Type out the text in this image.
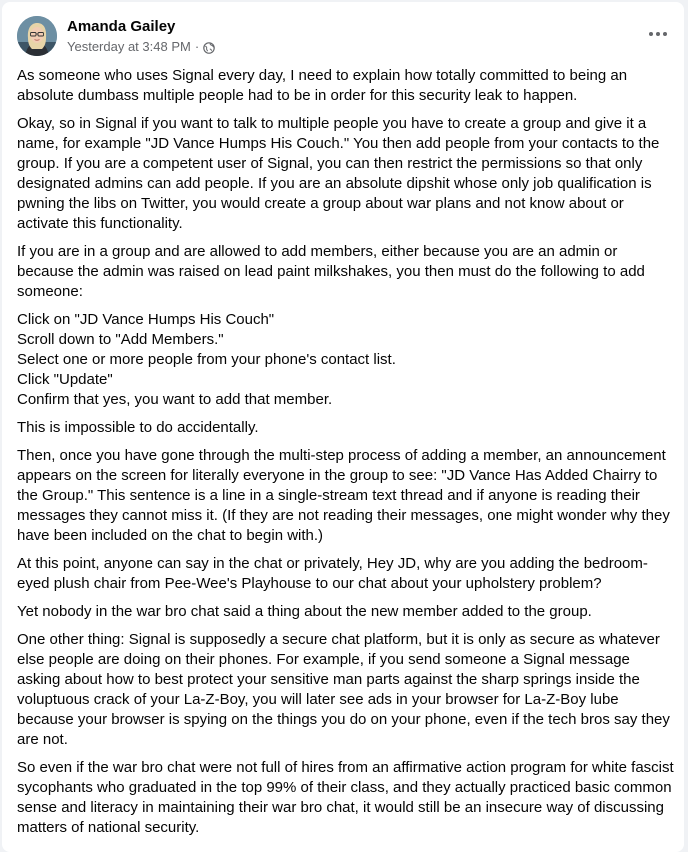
Amanda Gailey
Yesterday at 3:48 PM ·

As someone who uses Signal every day, I need to explain how totally committed to being an absolute dumbass multiple people had to be in order for this security leak to happen.

Okay, so in Signal if you want to talk to multiple people you have to create a group and give it a name, for example "JD Vance Humps His Couch." You then add people from your contacts to the group. If you are a competent user of Signal, you can then restrict the permissions so that only designated admins can add people. If you are an absolute dipshit whose only job qualification is pwning the libs on Twitter, you would create a group about war plans and not know about or activate this functionality.

If you are in a group and are allowed to add members, either because you are an admin or because the admin was raised on lead paint milkshakes, you then must do the following to add someone:

Click on "JD Vance Humps His Couch"
Scroll down to "Add Members."
Select one or more people from your phone's contact list.
Click "Update"
Confirm that yes, you want to add that member.

This is impossible to do accidentally.

Then, once you have gone through the multi-step process of adding a member, an announcement appears on the screen for literally everyone in the group to see: "JD Vance Has Added Chairry to the Group." This sentence is a line in a single-stream text thread and if anyone is reading their messages they cannot miss it. (If they are not reading their messages, one might wonder why they have been included on the chat to begin with.)

At this point, anyone can say in the chat or privately, Hey JD, why are you adding the bedroom-eyed plush chair from Pee-Wee's Playhouse to our chat about your upholstery problem?

Yet nobody in the war bro chat said a thing about the new member added to the group.

One other thing: Signal is supposedly a secure chat platform, but it is only as secure as whatever else people are doing on their phones. For example, if you send someone a Signal message asking about how to best protect your sensitive man parts against the sharp springs inside the voluptuous crack of your La-Z-Boy, you will later see ads in your browser for La-Z-Boy lube because your browser is spying on the things you do on your phone, even if the tech bros say they are not.

So even if the war bro chat were not full of hires from an affirmative action program for white fascist sycophants who graduated in the top 99% of their class, and they actually practiced basic common sense and literacy in maintaining their war bro chat, it would still be an insecure way of discussing matters of national security.
